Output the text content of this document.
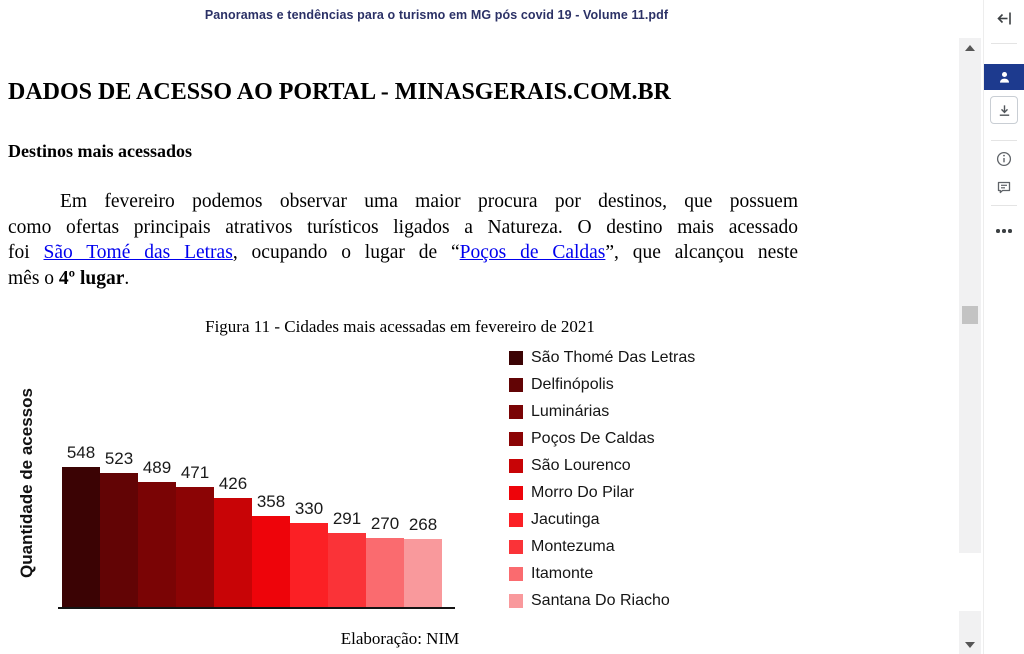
Panoramas e tendências para o turismo em MG pós covid 19 - Volume 11.pdf
DADOS DE ACESSO AO PORTAL - MINASGERAIS.COM.BR
Destinos mais acessados
Em fevereiro podemos observar uma maior procura por destinos, que possuem
como ofertas principais atrativos turísticos ligados a Natureza. O destino mais acessado
foi São Tomé das Letras, ocupando o lugar de “Poços de Caldas”, que alcançou neste
mês o 4º lugar.
Figura 11 - Cidades mais acessadas em fevereiro de 2021
Quantidade de acessos 548 523 489 471
426
358 330
291 270 268
São Thomé Das Letras
Delfinópolis
Luminárias
Poços De Caldas
São Lourenco
Morro Do Pilar
Jacutinga
Montezuma
Itamonte
Santana Do Riacho
Elaboração: NIM
